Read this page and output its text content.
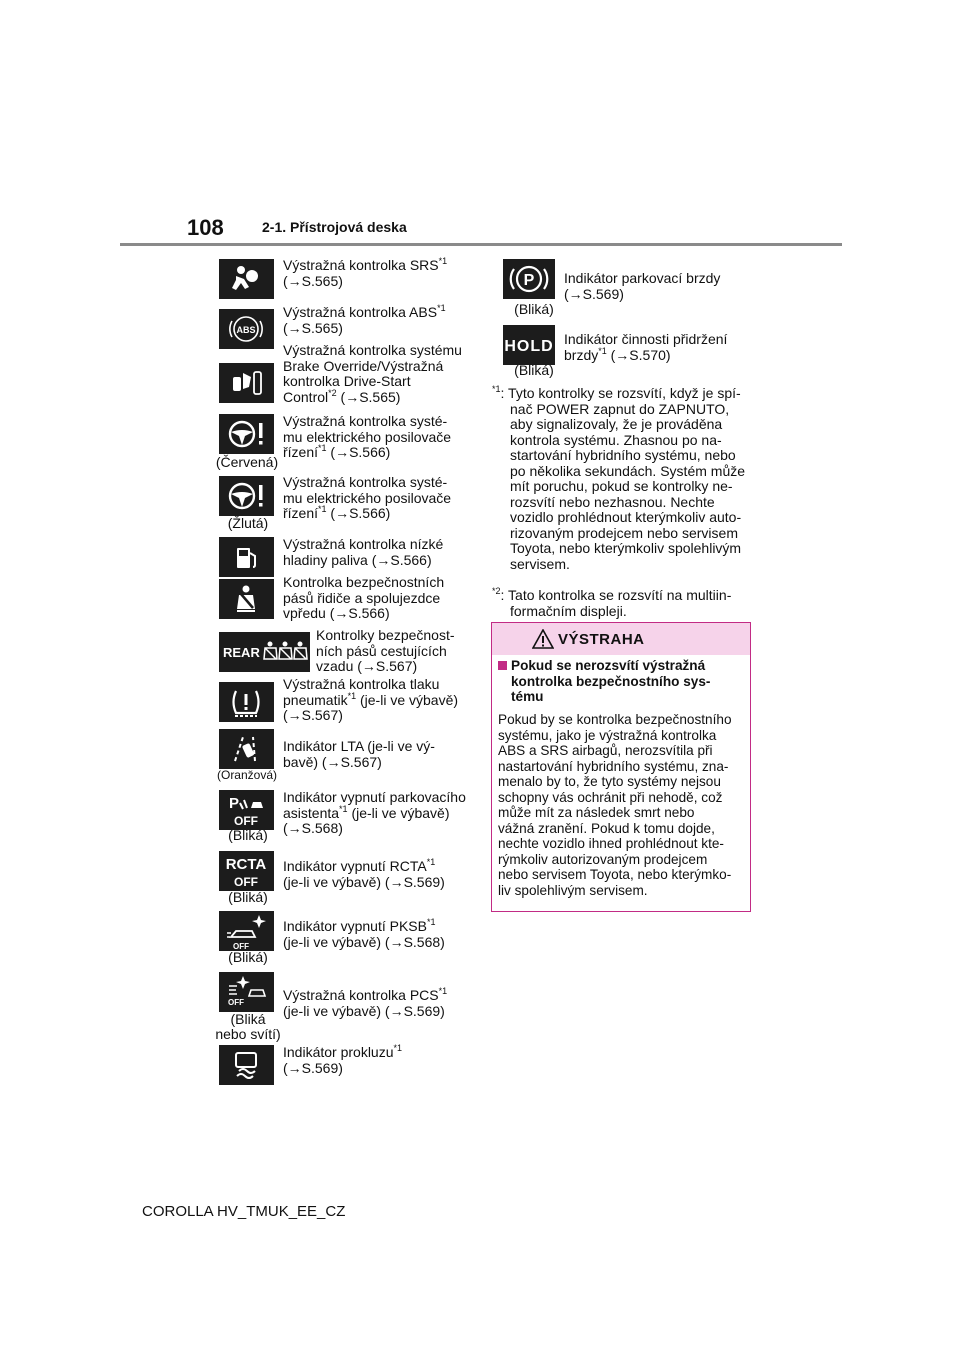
108	2-1. Přístrojová deska
Výstražná kontrolka SRS$^{*1}$
(→S.565)
ABS
Výstražná kontrolka ABS$^{*1}$
(→S.565)
Výstražná kontrolka systému
Brake Override/Výstražná
kontrolka Drive-Start
Control$^{*2}$ (→S.565)
(Červená)
Výstražná kontrolka systé-
mu elektrického posilovače
řízení$^{*1}$ (→S.566)
(Žlutá)
Výstražná kontrolka systé-
mu elektrického posilovače
řízení$^{*1}$ (→S.566)
Výstražná kontrolka nízké
hladiny paliva (→S.566)
Kontrolka bezpečnostních
pásů řidiče a spolujezdce
vpředu (→S.566)
REAR
Kontrolky bezpečnost-
ních pásů cestujících
vzadu (→S.567)
Výstražná kontrolka tlaku
pneumatik$^{*1}$ (je-li ve výbavě)
(→S.567)
(Oranžová)
Indikátor LTA (je-li ve vý-
bavě) (→S.567)
P
OFF
(Bliká)
Indikátor vypnutí parkovacího
asistenta$^{*1}$ (je-li ve výbavě)
(→S.568)
RCTA
OFF
(Bliká)
Indikátor vypnutí RCTA$^{*1}$
(je-li ve výbavě) (→S.569)
OFF
(Bliká)
Indikátor vypnutí PKSB$^{*1}$
(je-li ve výbavě) (→S.568)
OFF
(Bliká
nebo svítí)
Výstražná kontrolka PCS$^{*1}$
(je-li ve výbavě) (→S.569)
Indikátor prokluzu$^{*1}$
(→S.569)
P
(Bliká)
Indikátor parkovací brzdy
(→S.569)
HOLD
(Bliká)
Indikátor činnosti přidržení
brzdy$^{*1}$ (→S.570)
$^{*1}$: Tyto kontrolky se rozsvítí, když je spí-
nač POWER zapnut do ZAPNUTO,
aby signalizovaly, že je prováděna
kontrola systému. Zhasnou po na-
startování hybridního systému, nebo
po několika sekundách. Systém může
mít poruchu, pokud se kontrolky ne-
rozsvítí nebo nezhasnou. Nechte
vozidlo prohlédnout kterýmkoliv auto-
rizovaným prodejcem nebo servisem
Toyota, nebo kterýmkoliv spolehlivým
servisem.
$^{*2}$: Tato kontrolka se rozsvítí na multiin-
formačním displeji.
VÝSTRAHA
Pokud se nerozsvítí výstražná
kontrolka bezpečnostního sys-
tému
Pokud by se kontrolka bezpečnostního
systému, jako je výstražná kontrolka
ABS a SRS airbagů, nerozsvítila při
nastartování hybridního systému, zna-
menalo by to, že tyto systémy nejsou
schopny vás ochránit při nehodě, což
může mít za následek smrt nebo
vážná zranění. Pokud k tomu dojde,
nechte vozidlo ihned prohlédnout kte-
rýmkoliv autorizovaným prodejcem
nebo servisem Toyota, nebo kterýmko-
liv spolehlivým servisem.
COROLLA HV_TMUK_EE_CZ
